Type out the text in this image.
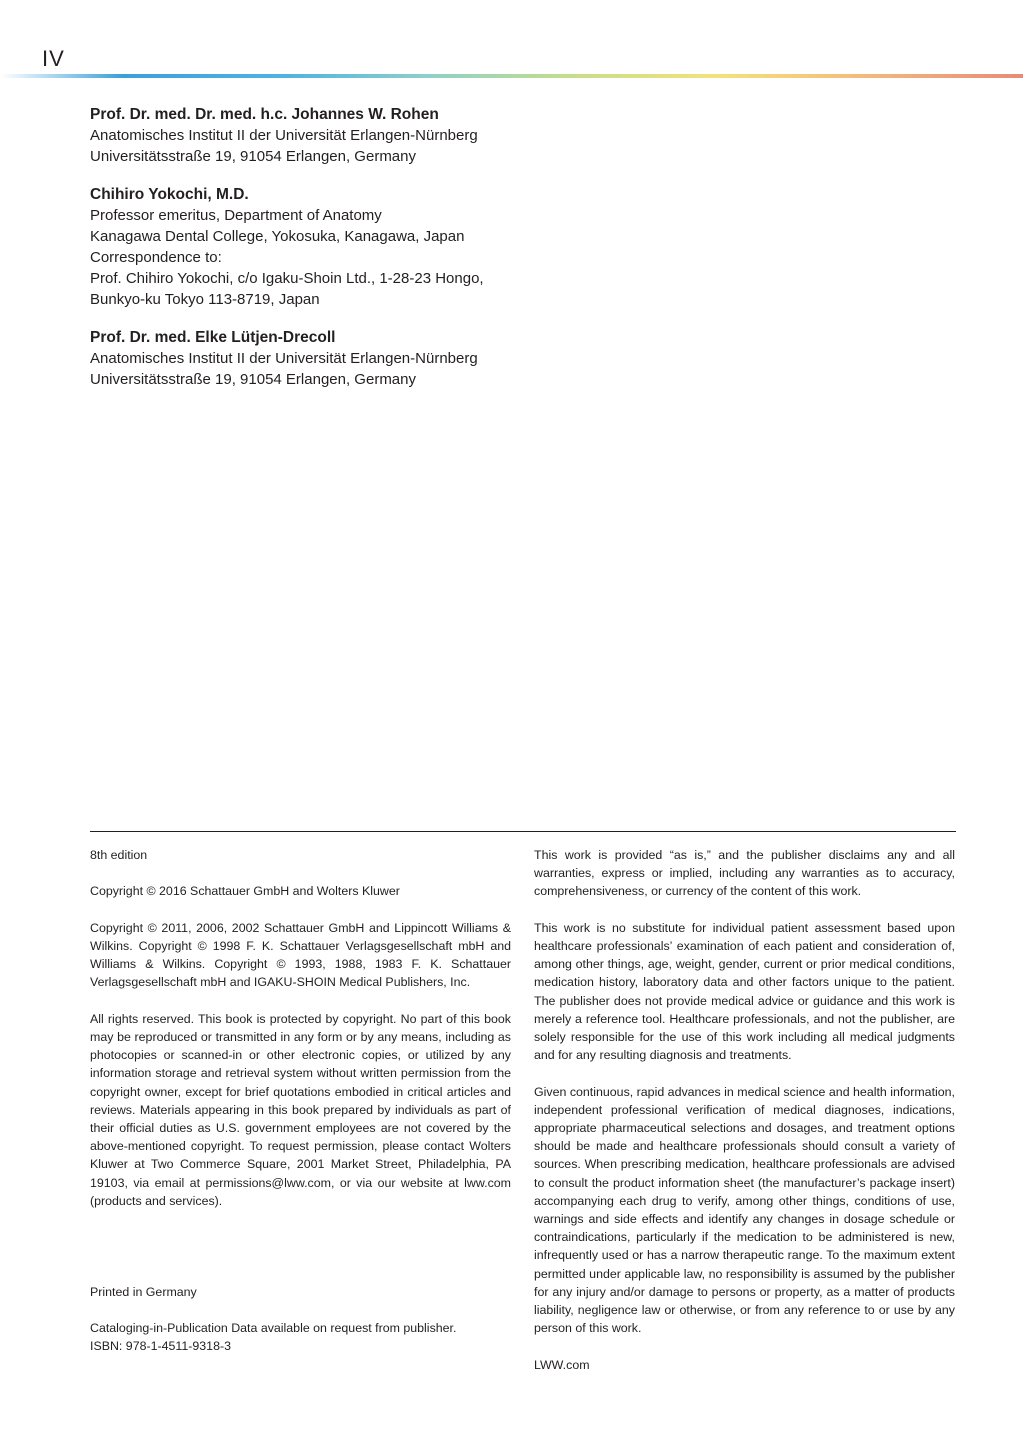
IV
Prof. Dr. med. Dr. med. h.c. Johannes W. Rohen
Anatomisches Institut II der Universität Erlangen-Nürnberg
Universitätsstraße 19, 91054 Erlangen, Germany
Chihiro Yokochi, M.D.
Professor emeritus, Department of Anatomy
Kanagawa Dental College, Yokosuka, Kanagawa, Japan
Correspondence to:
Prof. Chihiro Yokochi, c/o Igaku-Shoin Ltd., 1-28-23 Hongo,
Bunkyo-ku Tokyo 113-8719, Japan
Prof. Dr. med. Elke Lütjen-Drecoll
Anatomisches Institut II der Universität Erlangen-Nürnberg
Universitätsstraße 19, 91054 Erlangen, Germany

8th edition

Copyright © 2016 Schattauer GmbH and Wolters Kluwer

Copyright © 2011, 2006, 2002 Schattauer GmbH and Lippincott Williams & Wilkins. Copyright © 1998 F. K. Schattauer Verlagsgesellschaft mbH and Williams & Wilkins. Copyright © 1993, 1988, 1983 F. K. Schattauer Verlagsgesellschaft mbH and IGAKU-SHOIN Medical Publishers, Inc.

All rights reserved. This book is protected by copyright. No part of this book may be reproduced or transmitted in any form or by any means, including as photocopies or scanned-in or other electronic copies, or utilized by any information storage and retrieval system without written permission from the copyright owner, except for brief quotations embodied in critical articles and reviews. Materials appearing in this book prepared by individuals as part of their official duties as U.S. government employees are not covered by the above-mentioned copyright. To request permission, please contact Wolters Kluwer at Two Commerce Square, 2001 Market Street, Philadelphia, PA 19103, via email at permissions@lww.com, or via our website at lww.com (products and services).

Printed in Germany

Cataloging-in-Publication Data available on request from publisher.
ISBN: 978-1-4511-9318-3

This work is provided “as is,” and the publisher disclaims any and all warranties, express or implied, including any warranties as to accuracy, comprehensiveness, or currency of the content of this work.

This work is no substitute for individual patient assessment based upon healthcare professionals’ examination of each patient and consideration of, among other things, age, weight, gender, current or prior medical conditions, medication history, laboratory data and other factors unique to the patient. The publisher does not provide medical advice or guidance and this work is merely a reference tool. Healthcare professionals, and not the publisher, are solely responsible for the use of this work including all medical judgments and for any resulting diagnosis and treatments.

Given continuous, rapid advances in medical science and health information, independent professional verification of medical diagnoses, indications, appropriate pharmaceutical selections and dosages, and treatment options should be made and healthcare professionals should consult a variety of sources. When prescribing medication, healthcare professionals are advised to consult the product information sheet (the manufacturer’s package insert) accompanying each drug to verify, among other things, conditions of use, warnings and side effects and identify any changes in dosage schedule or contraindications, particularly if the medication to be administered is new, infrequently used or has a narrow therapeutic range. To the maximum extent permitted under applicable law, no responsibility is assumed by the publisher for any injury and/or damage to persons or property, as a matter of products liability, negligence law or otherwise, or from any reference to or use by any person of this work.

LWW.com
